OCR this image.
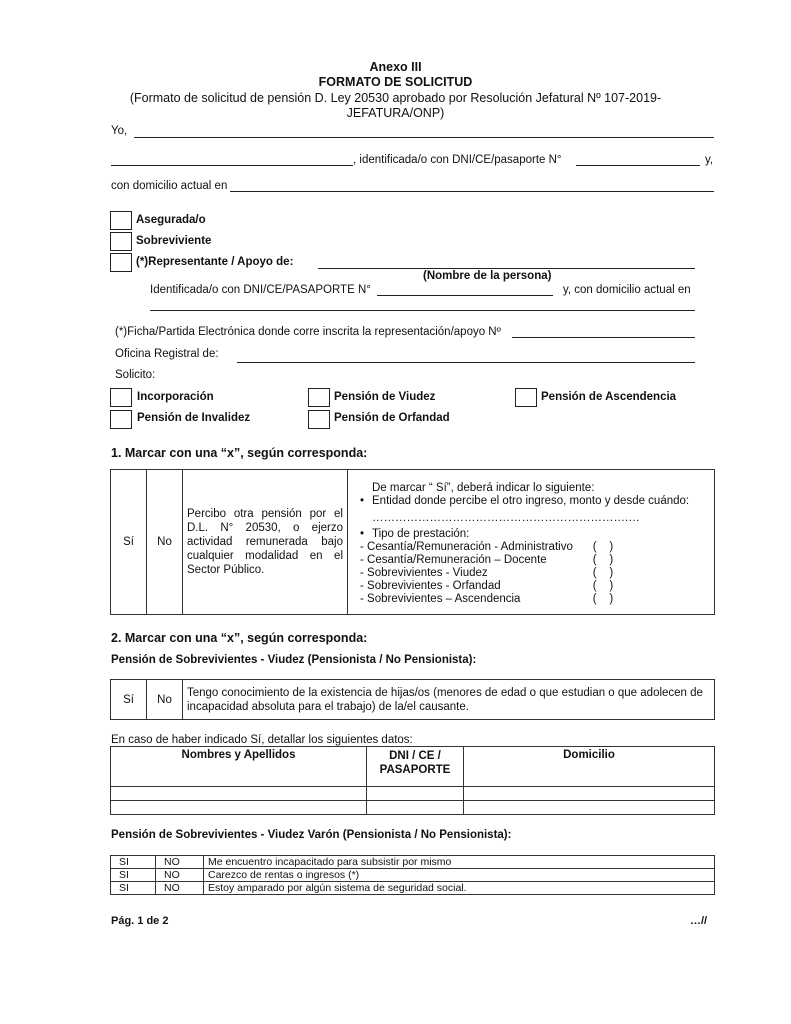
Anexo III
FORMATO DE SOLICITUD
(Formato de solicitud de pensión D. Ley 20530 aprobado por Resolución Jefatural Nº 107-2019-
JEFATURA/ONP)
Yo,
, identificada/o con DNI/CE/pasaporte N°	y,
con domicilio actual en
Asegurada/o
Sobreviviente
(*)Representante / Apoyo de:
(Nombre de la persona)
Identificada/o con DNI/CE/PASAPORTE N°	y, con domicilio actual en
(*)Ficha/Partida Electrónica donde corre inscrita la representación/apoyo Nº
Oficina Registral de:
Solicito:
Incorporación	Pensión de Viudez	Pensión de Ascendencia
Pensión de Invalidez	Pensión de Orfandad
1. Marcar con una “x”, según corresponda:
Sí	No	Percibo otra pensión por el D.L. N° 20530, o ejerzo actividad remunerada bajo cualquier modalidad en el Sector Público.	
De marcar “ Sí”, deberá indicar lo siguiente:
• Entidad donde percibe el otro ingreso, monto y desde cuándo:
………………………………………………………….…
• Tipo de prestación:
- Cesantía/Remuneración - Administrativo	(    )
- Cesantía/Remuneración – Docente	(    )
- Sobrevivientes - Viudez	(    )
- Sobrevivientes - Orfandad	(    )
- Sobrevivientes – Ascendencia	(    )
2. Marcar con una “x”, según corresponda:
Pensión de Sobrevivientes - Viudez (Pensionista / No Pensionista):
Sí	No	Tengo conocimiento de la existencia de hijas/os (menores de edad o que estudian o que adolecen de incapacidad absoluta para el trabajo) de la/el causante.
En caso de haber indicado Sí, detallar los siguientes datos:
Nombres y Apellidos	DNI / CE / PASAPORTE	Domicilio

Pensión de Sobrevivientes - Viudez Varón (Pensionista / No Pensionista):
SI	NO	Me encuentro incapacitado para subsistir por mismo
SI	NO	Carezco de rentas o ingresos (*)
SI	NO	Estoy amparado por algún sistema de seguridad social.
Pág. 1 de 2	…//
